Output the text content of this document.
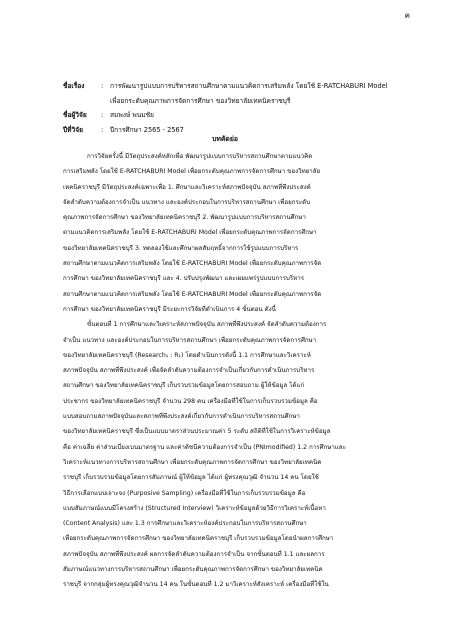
ฅ
ชื่อเรื่อง	:	การพัฒนารูปแบบการบริหารสถานศึกษาตามแนวคิดการเสริมพลัง โดยใช้ E-RATCHABURI Model
เพื่อยกระดับคุณภาพการจัดการศึกษา ของวิทยาลัยเทคนิคราชบุรี
ชื่อผู้วิจัย	:	สมพงษ์ พนมชัย
ปีที่วิจัย	:	ปีการศึกษา 2565 - 2567
บทคัดย่อ
การวิจัยครั้งนี้ มีวัตถุประสงค์หลักเพื่อ พัฒนารูปแบบการบริหารสถานศึกษาตามแนวคิด
การเสริมพลัง โดยใช้ E-RATCHABURI Model เพื่อยกระดับคุณภาพการจัดการศึกษา ของวิทยาลัย
เทคนิคราชบุรี มีวัตถุประสงค์เฉพาะเพื่อ 1. ศึกษาและวิเคราะห์สภาพปัจจุบัน สภาพที่พึงประสงค์
จัดลำดับความต้องการจำเป็น แนวทาง และองค์ประกอบในการบริหารสถานศึกษา เพื่อยกระดับ
คุณภาพการจัดการศึกษา ของวิทยาลัยเทคนิคราชบุรี 2. พัฒนารูปแบบการบริหารสถานศึกษา
ตามแนวคิดการเสริมพลัง โดยใช้ E-RATCHABURI Model เพื่อยกระดับคุณภาพการจัดการศึกษา
ของวิทยาลัยเทคนิคราชบุรี 3. ทดลองใช้และศึกษาผลสัมฤทธิ์จากการใช้รูปแบบการบริหาร
สถานศึกษาตามแนวคิดการเสริมพลัง โดยใช้ E-RATCHABURI Model เพื่อยกระดับคุณภาพการจัด
การศึกษา ของวิทยาลัยเทคนิคราชบุรี และ 4. ปรับปรุงพัฒนา และเผยแพร่รูปแบบการบริหาร
สถานศึกษาตามแนวคิดการเสริมพลัง โดยใช้ E-RATCHABURI Model เพื่อยกระดับคุณภาพการจัด
การศึกษา ของวิทยาลัยเทคนิคราชบุรี มีระยะการวิจัยที่ดำเนินการ 4 ขั้นตอน ดังนี้
ขั้นตอนที่ 1 การศึกษาและวิเคราะห์สภาพปัจจุบัน สภาพที่พึงประสงค์ จัดลำดับความต้องการ
จำเป็น แนวทาง และองค์ประกอบในการบริหารสถานศึกษา เพื่อยกระดับคุณภาพการจัดการศึกษา
ของวิทยาลัยเทคนิคราชบุรี (Research₁ : R₁) โดยดำเนินการดังนี้ 1.1 การศึกษาและวิเคราะห์
สภาพปัจจุบัน สภาพที่พึงประสงค์ เพื่อจัดลำดับความต้องการจำเป็นเกี่ยวกับการดำเนินการบริหาร
สถานศึกษา ของวิทยาลัยเทคนิคราชบุรี เก็บรวบรวมข้อมูลโดยการสอบถาม ผู้ให้ข้อมูล ได้แก่
ประชากร ของวิทยาลัยเทคนิคราชบุรี จำนวน 298 คน เครื่องมือที่ใช้ในการเก็บรวบรวมข้อมูล คือ
แบบสอบถามสภาพปัจจุบันและสภาพที่พึงประสงค์เกี่ยวกับการดำเนินการบริหารสถานศึกษา
ของวิทยาลัยเทคนิคราชบุรี ซึ่งเป็นแบบมาตราส่วนประมาณค่า 5 ระดับ สถิติที่ใช้ในการวิเคราะห์ข้อมูล
คือ ค่าเฉลี่ย ค่าส่วนเบี่ยงเบนมาตรฐาน และค่าดัชนีความต้องการจำเป็น (PNImodified) 1.2 การศึกษาและ
วิเคราะห์แนวทางการบริหารสถานศึกษา เพื่อยกระดับคุณภาพการจัดการศึกษา ของวิทยาลัยเทคนิค
ราชบุรี เก็บรวบรวมข้อมูลโดยการสัมภาษณ์ ผู้ให้ข้อมูล ได้แก่ ผู้ทรงคุณวุฒิ จำนวน 14 คน โดยใช้
วิธีการเลือกแบบเจาะจง (Purposive Sampling) เครื่องมือที่ใช้ในการเก็บรวบรวมข้อมูล คือ
แบบสัมภาษณ์แบบมีโครงสร้าง (Structured Interview) วิเคราะห์ข้อมูลด้วยวิธีการวิเคราะห์เนื้อหา
(Content Analysis) และ 1.3 การศึกษาและวิเคราะห์องค์ประกอบในการบริหารสถานศึกษา
เพื่อยกระดับคุณภาพการจัดการศึกษา ของวิทยาลัยเทคนิคราชบุรี เก็บรวบรวมข้อมูลโดยนำผลการศึกษา
สภาพปัจจุบัน สภาพที่พึงประสงค์ ผลการจัดลำดับความต้องการจำเป็น จากขั้นตอนที่ 1.1 และผลการ
สัมภาษณ์แนวทางการบริหารสถานศึกษา เพื่อยกระดับคุณภาพการจัดการศึกษา ของวิทยาลัยเทคนิค
ราชบุรี จากกลุ่มผู้ทรงคุณวุฒิจำนวน 14 คน ในขั้นตอนที่ 1.2 มาวิเคราะห์สังเคราะห์ เครื่องมือที่ใช้ใน
